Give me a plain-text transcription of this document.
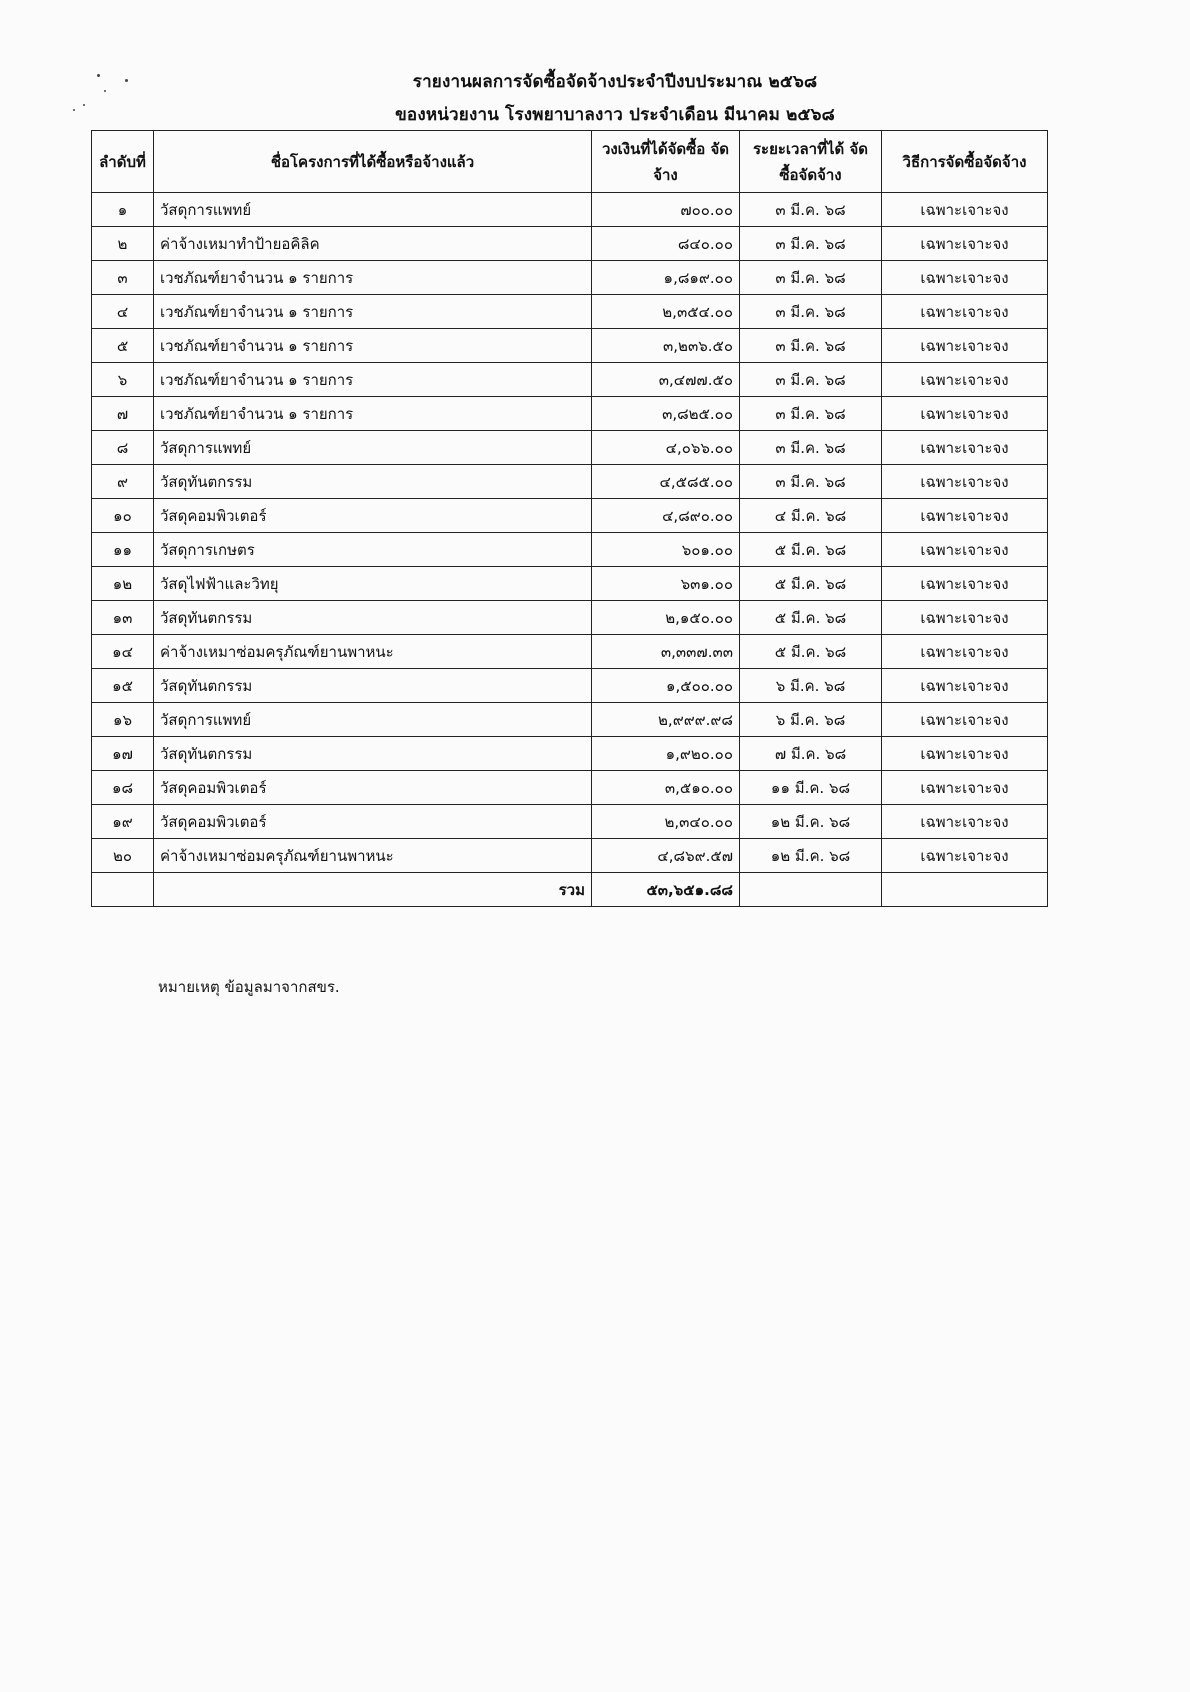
รายงานผลการจัดซื้อจัดจ้างประจำปีงบประมาณ ๒๕๖๘
ของหน่วยงาน โรงพยาบาลงาว ประจำเดือน มีนาคม ๒๕๖๘
ลำดับที่	ชื่อโครงการที่ได้ซื้อหรือจ้างแล้ว	วงเงินที่ได้จัดซื้อ จัดจ้าง	ระยะเวลาที่ได้ จัดซื้อจัดจ้าง	วิธีการจัดซื้อจัดจ้าง
๑	วัสดุการแพทย์	๗๐๐.๐๐	๓ มี.ค. ๖๘	เฉพาะเจาะจง
๒	ค่าจ้างเหมาทำป้ายอคิลิค	๘๔๐.๐๐	๓ มี.ค. ๖๘	เฉพาะเจาะจง
๓	เวชภัณฑ์ยาจำนวน ๑ รายการ	๑,๘๑๙.๐๐	๓ มี.ค. ๖๘	เฉพาะเจาะจง
๔	เวชภัณฑ์ยาจำนวน ๑ รายการ	๒,๓๕๔.๐๐	๓ มี.ค. ๖๘	เฉพาะเจาะจง
๕	เวชภัณฑ์ยาจำนวน ๑ รายการ	๓,๒๓๖.๕๐	๓ มี.ค. ๖๘	เฉพาะเจาะจง
๖	เวชภัณฑ์ยาจำนวน ๑ รายการ	๓,๔๗๗.๕๐	๓ มี.ค. ๖๘	เฉพาะเจาะจง
๗	เวชภัณฑ์ยาจำนวน ๑ รายการ	๓,๘๒๕.๐๐	๓ มี.ค. ๖๘	เฉพาะเจาะจง
๘	วัสดุการแพทย์	๔,๐๖๖.๐๐	๓ มี.ค. ๖๘	เฉพาะเจาะจง
๙	วัสดุทันตกรรม	๔,๕๘๕.๐๐	๓ มี.ค. ๖๘	เฉพาะเจาะจง
๑๐	วัสดุคอมพิวเตอร์	๔,๘๙๐.๐๐	๔ มี.ค. ๖๘	เฉพาะเจาะจง
๑๑	วัสดุการเกษตร	๖๐๑.๐๐	๕ มี.ค. ๖๘	เฉพาะเจาะจง
๑๒	วัสดุไฟฟ้าและวิทยุ	๖๓๑.๐๐	๕ มี.ค. ๖๘	เฉพาะเจาะจง
๑๓	วัสดุทันตกรรม	๒,๑๕๐.๐๐	๕ มี.ค. ๖๘	เฉพาะเจาะจง
๑๔	ค่าจ้างเหมาซ่อมครุภัณฑ์ยานพาหนะ	๓,๓๓๗.๓๓	๕ มี.ค. ๖๘	เฉพาะเจาะจง
๑๕	วัสดุทันตกรรม	๑,๕๐๐.๐๐	๖ มี.ค. ๖๘	เฉพาะเจาะจง
๑๖	วัสดุการแพทย์	๒,๙๙๙.๙๘	๖ มี.ค. ๖๘	เฉพาะเจาะจง
๑๗	วัสดุทันตกรรม	๑,๙๒๐.๐๐	๗ มี.ค. ๖๘	เฉพาะเจาะจง
๑๘	วัสดุคอมพิวเตอร์	๓,๕๑๐.๐๐	๑๑ มี.ค. ๖๘	เฉพาะเจาะจง
๑๙	วัสดุคอมพิวเตอร์	๒,๓๔๐.๐๐	๑๒ มี.ค. ๖๘	เฉพาะเจาะจง
๒๐	ค่าจ้างเหมาซ่อมครุภัณฑ์ยานพาหนะ	๔,๘๖๙.๕๗	๑๒ มี.ค. ๖๘	เฉพาะเจาะจง
	รวม	๕๓,๖๕๑.๘๘		
หมายเหตุ ข้อมูลมาจากสขร.
